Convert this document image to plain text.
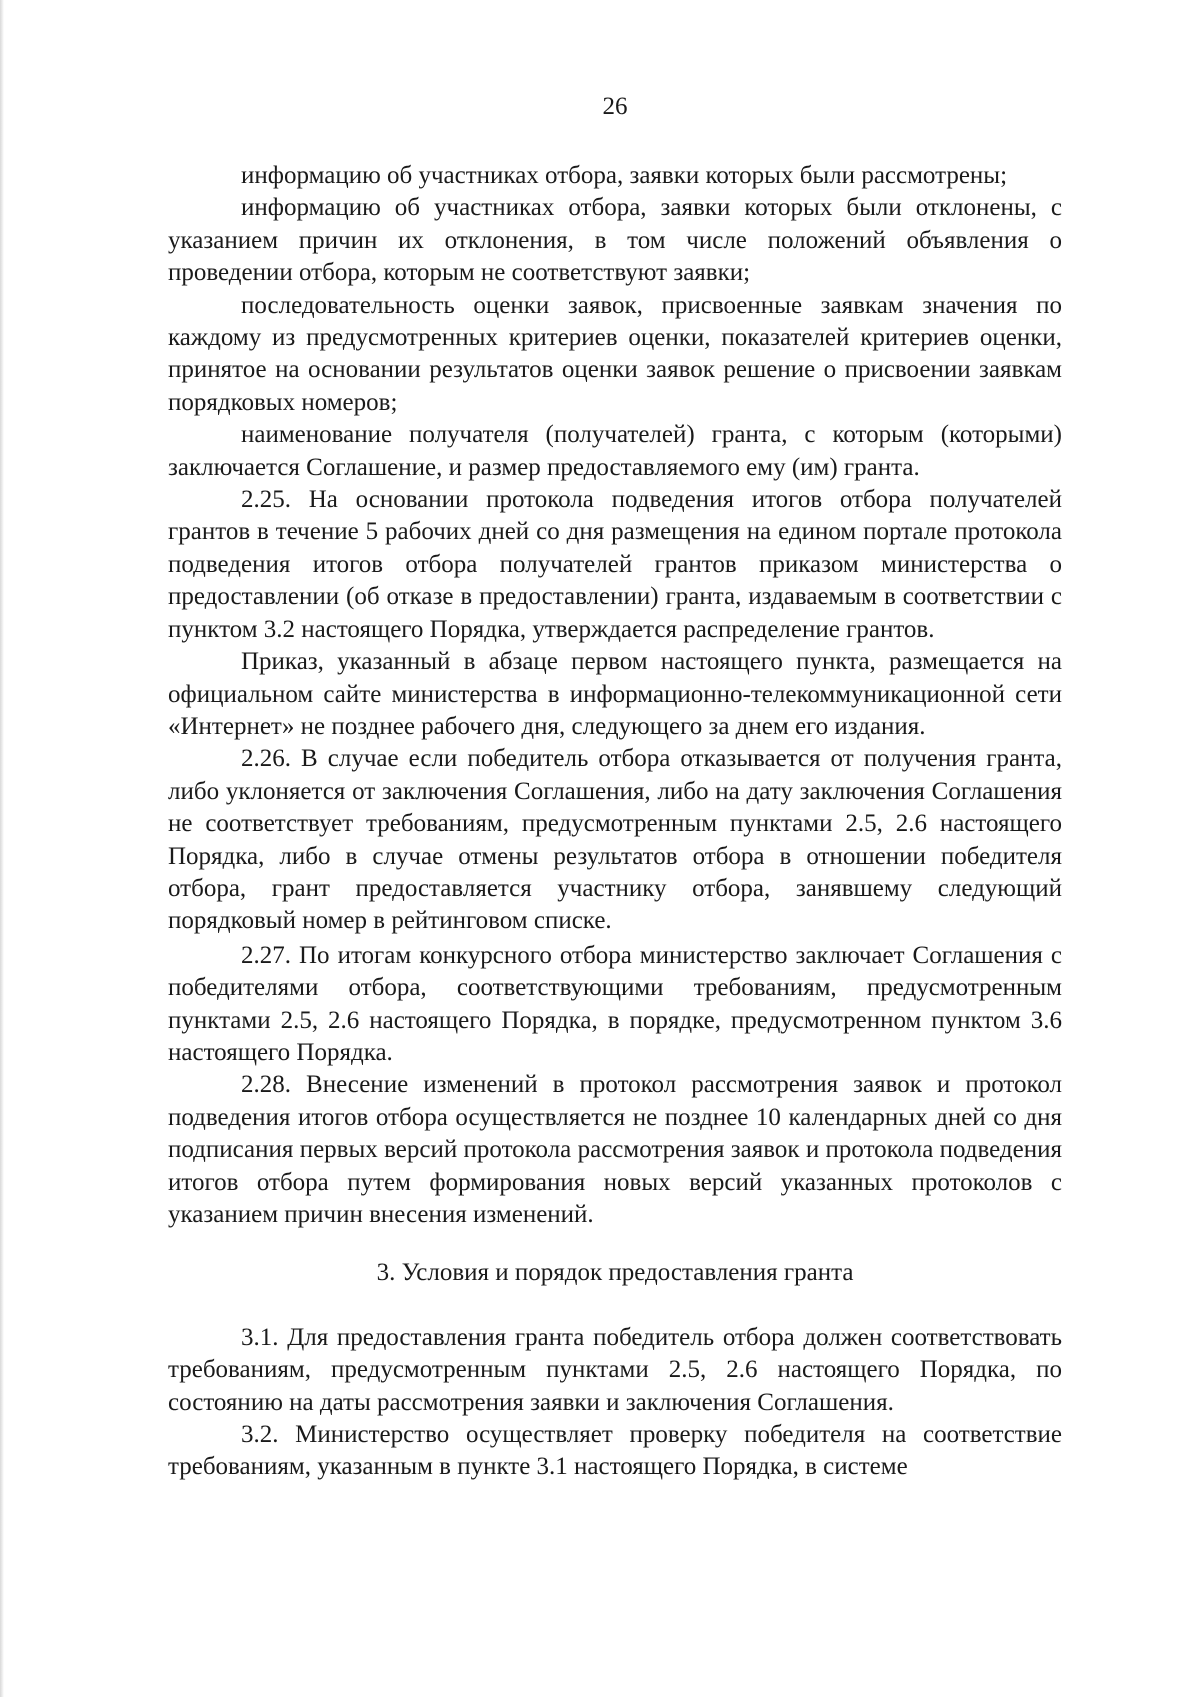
26

информацию об участниках отбора, заявки которых были рассмотрены;

информацию об участниках отбора, заявки которых были отклонены, с указанием причин их отклонения, в том числе положений объявления о проведении отбора, которым не соответствуют заявки;

последовательность оценки заявок, присвоенные заявкам значения по каждому из предусмотренных критериев оценки, показателей критериев оценки, принятое на основании результатов оценки заявок решение о присвоении заявкам порядковых номеров;

наименование получателя (получателей) гранта, с которым (которыми) заключается Соглашение, и размер предоставляемого ему (им) гранта.

2.25. На основании протокола подведения итогов отбора получателей грантов в течение 5 рабочих дней со дня размещения на едином портале протокола подведения итогов отбора получателей грантов приказом министерства о предоставлении (об отказе в предоставлении) гранта, издаваемым в соответствии с пунктом 3.2 настоящего Порядка, утверждается распределение грантов.

Приказ, указанный в абзаце первом настоящего пункта, размещается на официальном сайте министерства в информационно-телекоммуникационной сети «Интернет» не позднее рабочего дня, следующего за днем его издания.

2.26. В случае если победитель отбора отказывается от получения гранта, либо уклоняется от заключения Соглашения, либо на дату заключения Соглашения не соответствует требованиям, предусмотренным пунктами 2.5, 2.6 настоящего Порядка, либо в случае отмены результатов отбора в отношении победителя отбора, грант предоставляется участнику отбора, занявшему следующий порядковый номер в рейтинговом списке.

2.27. По итогам конкурсного отбора министерство заключает Соглашения с победителями отбора, соответствующими требованиям, предусмотренным пунктами 2.5, 2.6 настоящего Порядка, в порядке, предусмотренном пунктом 3.6 настоящего Порядка.

2.28. Внесение изменений в протокол рассмотрения заявок и протокол подведения итогов отбора осуществляется не позднее 10 календарных дней со дня подписания первых версий протокола рассмотрения заявок и протокола подведения итогов отбора путем формирования новых версий указанных протоколов с указанием причин внесения изменений.

3. Условия и порядок предоставления гранта

3.1. Для предоставления гранта победитель отбора должен соответствовать требованиям, предусмотренным пунктами 2.5, 2.6 настоящего Порядка, по состоянию на даты рассмотрения заявки и заключения Соглашения.

3.2. Министерство осуществляет проверку победителя на соответствие требованиям, указанным в пункте 3.1 настоящего Порядка, в системе
